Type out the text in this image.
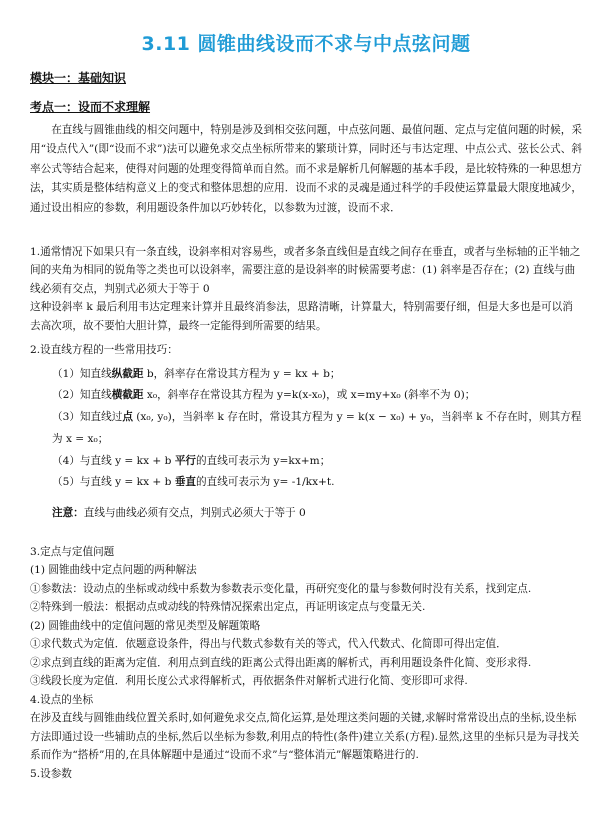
3.11 圆锥曲线设而不求与中点弦问题
模块一：基础知识
考点一：设而不求理解

在直线与圆锥曲线的相交问题中，特别是涉及到相交弦问题，中点弦问题、最值问题、定点与定值问题的时候，采用“设点代入”(即“设而不求”)法可以避免求交点坐标所带来的繁琐计算，同时还与韦达定理、中点公式、弦长公式、斜率公式等结合起来，使得对问题的处理变得简单而自然。而不求是解析几何解题的基本手段，是比较特殊的一种思想方法，其实质是整体结构意义上的变式和整体思想的应用．设而不求的灵魂是通过科学的手段使运算量最大限度地减少，通过设出相应的参数，利用题设条件加以巧妙转化，以参数为过渡，设而不求．

1.通常情况下如果只有一条直线，设斜率相对容易些，或者多条直线但是直线之间存在垂直，或者与坐标轴的正半轴之间的夹角为相同的锐角等之类也可以设斜率，需要注意的是设斜率的时候需要考虑：(1) 斜率是否存在；(2) 直线与曲线必须有交点，判别式必须大于等于 0

这种设斜率 k 最后利用韦达定理来计算并且最终消参法，思路清晰，计算量大，特别需要仔细，但是大多也是可以消去高次项，故不要怕大胆计算，最终一定能得到所需要的结果。

2.设直线方程的一些常用技巧：

（1）知直线纵截距 b，斜率存在常设其方程为 y = kx + b；

（2）知直线横截距 x₀，斜率存在常设其方程为 y=k(x-x₀)，或 x=my+x₀ (斜率不为 0)；

（3）知直线过点 (x₀, y₀)，当斜率 k 存在时，常设其方程为 y = k(x − x₀) + y₀，当斜率 k 不存在时，则其方程为 x = x₀；

（4）与直线 y = kx + b 平行的直线可表示为 y=kx+m；

（5）与直线 y = kx + b 垂直的直线可表示为 y= -1/kx+t.

注意：直线与曲线必须有交点，判别式必须大于等于 0

3.定点与定值问题

(1) 圆锥曲线中定点问题的两种解法

①参数法：设动点的坐标或动线中系数为参数表示变化量，再研究变化的量与参数何时没有关系，找到定点.

②特殊到一般法：根据动点或动线的特殊情况探索出定点，再证明该定点与变量无关.

(2) 圆锥曲线中的定值问题的常见类型及解题策略

①求代数式为定值．依题意设条件，得出与代数式参数有关的等式，代入代数式、化简即可得出定值．

②求点到直线的距离为定值．利用点到直线的距离公式得出距离的解析式，再利用题设条件化简、变形求得.

③线段长度为定值．利用长度公式求得解析式，再依据条件对解析式进行化简、变形即可求得.

4.设点的坐标

在涉及直线与圆锥曲线位置关系时,如何避免求交点,简化运算,是处理这类问题的关键,求解时常常设出点的坐标,设坐标方法即通过设一些辅助点的坐标,然后以坐标为参数,利用点的特性(条件)建立关系(方程).显然,这里的坐标只是为寻找关系而作为“搭桥”用的,在具体解题中是通过“设而不求”与“整体消元”解题策略进行的.

5.设参数
